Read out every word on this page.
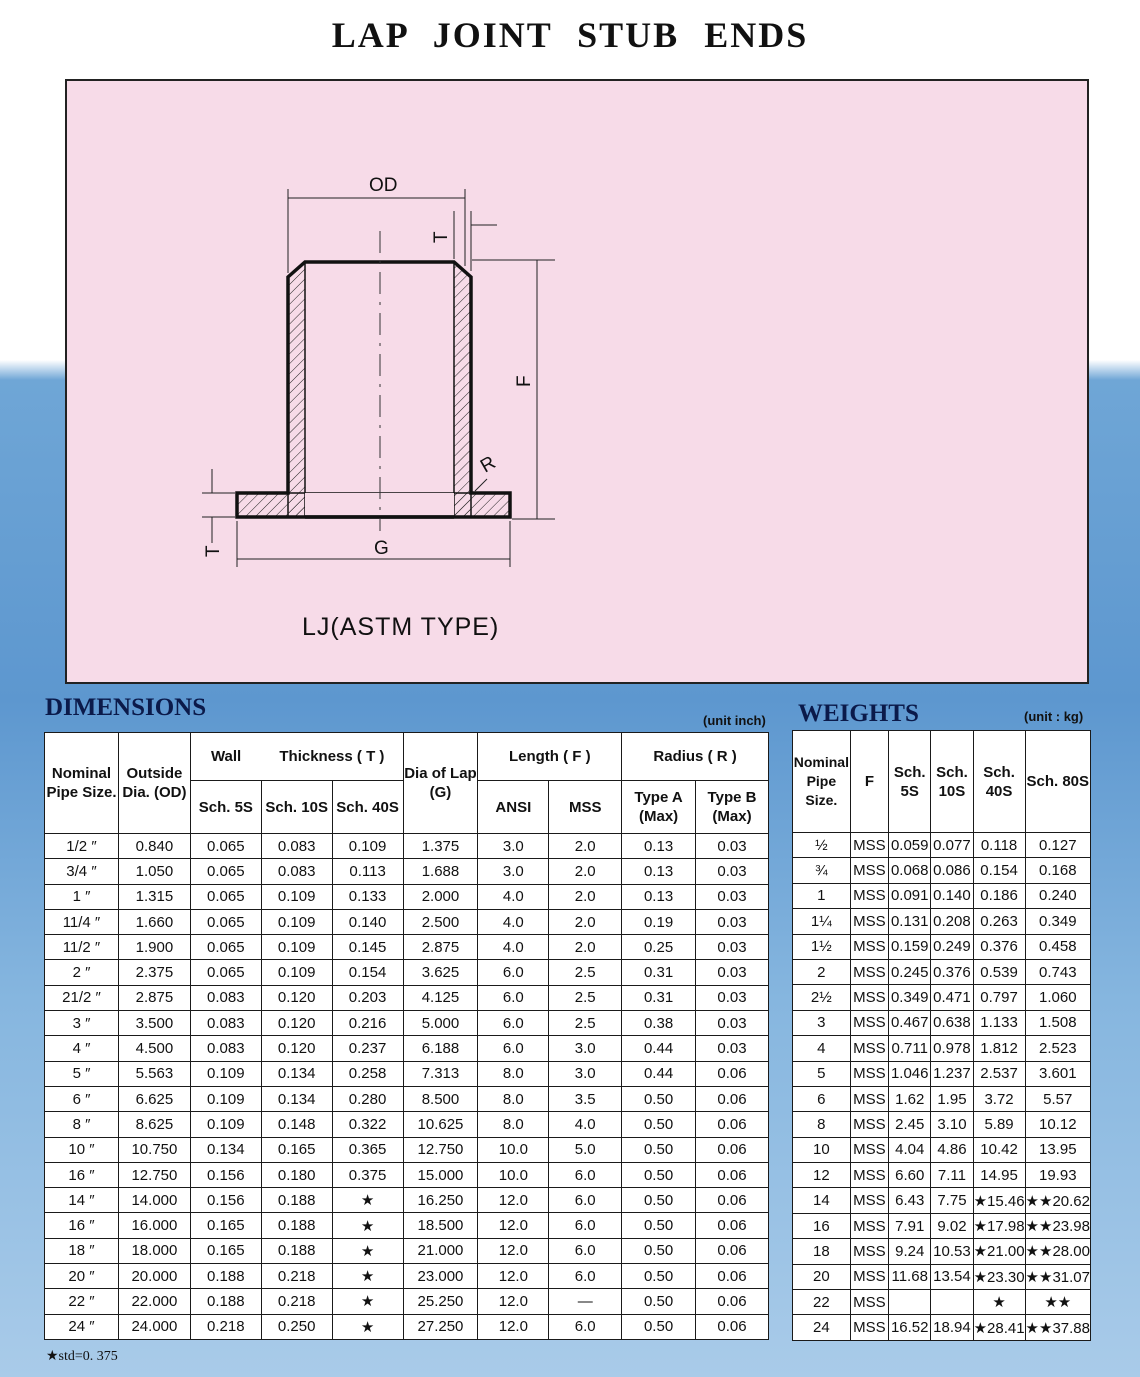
LAP JOINT STUB ENDS
OD
T
F
R
T	G
LJ(ASTM TYPE)
DIMENSIONS	(unit inch)
Nominal Pipe Size.	Outside Dia. (OD)	Wall	Thickness ( T )		Dia of Lap (G)	Length ( F )		Radius ( R )	
		Sch. 5S	Sch. 10S	Sch. 40S		ANSI	MSS	Type A (Max)	Type B (Max)
1/2 ″	0.840	0.065	0.083	0.109	1.375	3.0	2.0	0.13	0.03
3/4 ″	1.050	0.065	0.083	0.113	1.688	3.0	2.0	0.13	0.03
1 ″	1.315	0.065	0.109	0.133	2.000	4.0	2.0	0.13	0.03
11/4 ″	1.660	0.065	0.109	0.140	2.500	4.0	2.0	0.19	0.03
11/2 ″	1.900	0.065	0.109	0.145	2.875	4.0	2.0	0.25	0.03
2 ″	2.375	0.065	0.109	0.154	3.625	6.0	2.5	0.31	0.03
21/2 ″	2.875	0.083	0.120	0.203	4.125	6.0	2.5	0.31	0.03
3 ″	3.500	0.083	0.120	0.216	5.000	6.0	2.5	0.38	0.03
4 ″	4.500	0.083	0.120	0.237	6.188	6.0	3.0	0.44	0.03
5 ″	5.563	0.109	0.134	0.258	7.313	8.0	3.0	0.44	0.06
6 ″	6.625	0.109	0.134	0.280	8.500	8.0	3.5	0.50	0.06
8 ″	8.625	0.109	0.148	0.322	10.625	8.0	4.0	0.50	0.06
10 ″	10.750	0.134	0.165	0.365	12.750	10.0	5.0	0.50	0.06
16 ″	12.750	0.156	0.180	0.375	15.000	10.0	6.0	0.50	0.06
14 ″	14.000	0.156	0.188	★	16.250	12.0	6.0	0.50	0.06
16 ″	16.000	0.165	0.188	★	18.500	12.0	6.0	0.50	0.06
18 ″	18.000	0.165	0.188	★	21.000	12.0	6.0	0.50	0.06
20 ″	20.000	0.188	0.218	★	23.000	12.0	6.0	0.50	0.06
22 ″	22.000	0.188	0.218	★	25.250	12.0	—	0.50	0.06
24 ″	24.000	0.218	0.250	★	27.250	12.0	6.0	0.50	0.06
★std=0. 375
WEIGHTS	(unit : kg)
Nominal Pipe Size.	F	Sch. 5S	Sch. 10S	Sch. 40S	Sch. 80S
½	MSS	0.059	0.077	0.118	0.127
¾	MSS	0.068	0.086	0.154	0.168
1	MSS	0.091	0.140	0.186	0.240
1¼	MSS	0.131	0.208	0.263	0.349
1½	MSS	0.159	0.249	0.376	0.458
2	MSS	0.245	0.376	0.539	0.743
2½	MSS	0.349	0.471	0.797	1.060
3	MSS	0.467	0.638	1.133	1.508
4	MSS	0.711	0.978	1.812	2.523
5	MSS	1.046	1.237	2.537	3.601
6	MSS	1.62	1.95	3.72	5.57
8	MSS	2.45	3.10	5.89	10.12
10	MSS	4.04	4.86	10.42	13.95
12	MSS	6.60	7.11	14.95	19.93
14	MSS	6.43	7.75	★15.46	★★20.62
16	MSS	7.91	9.02	★17.98	★★23.98
18	MSS	9.24	10.53	★21.00	★★28.00
20	MSS	11.68	13.54	★23.30	★★31.07
22	MSS			★	★★
24	MSS	16.52	18.94	★28.41	★★37.88
